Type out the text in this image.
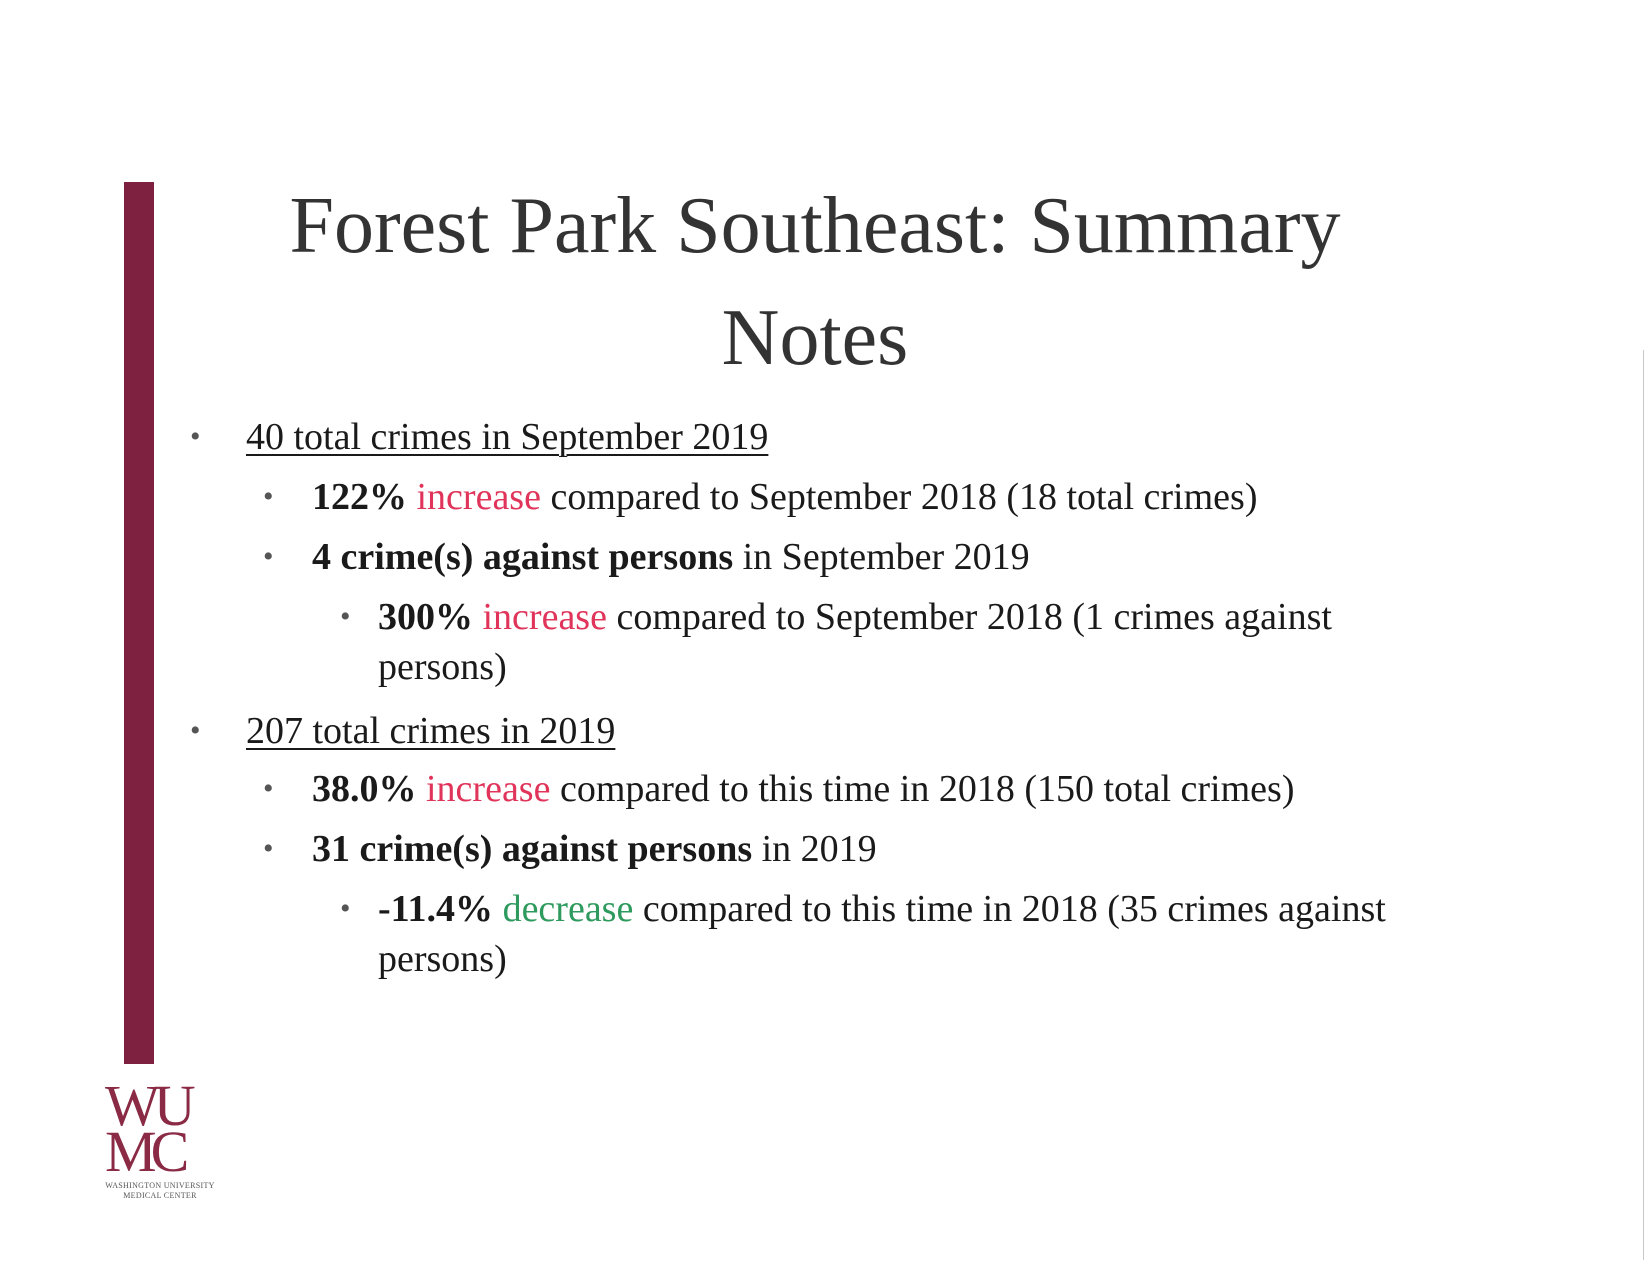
Forest Park Southeast: Summary Notes
• 40 total crimes in September 2019
• 122% increase compared to September 2018 (18 total crimes)
• 4 crime(s) against persons in September 2019
• 300% increase compared to September 2018 (1 crimes against persons)
• 207 total crimes in 2019
• 38.0% increase compared to this time in 2018 (150 total crimes)
• 31 crime(s) against persons in 2019
• -11.4% decrease compared to this time in 2018 (35 crimes against persons)
WU
MC
WASHINGTON UNIVERSITY
MEDICAL CENTER
